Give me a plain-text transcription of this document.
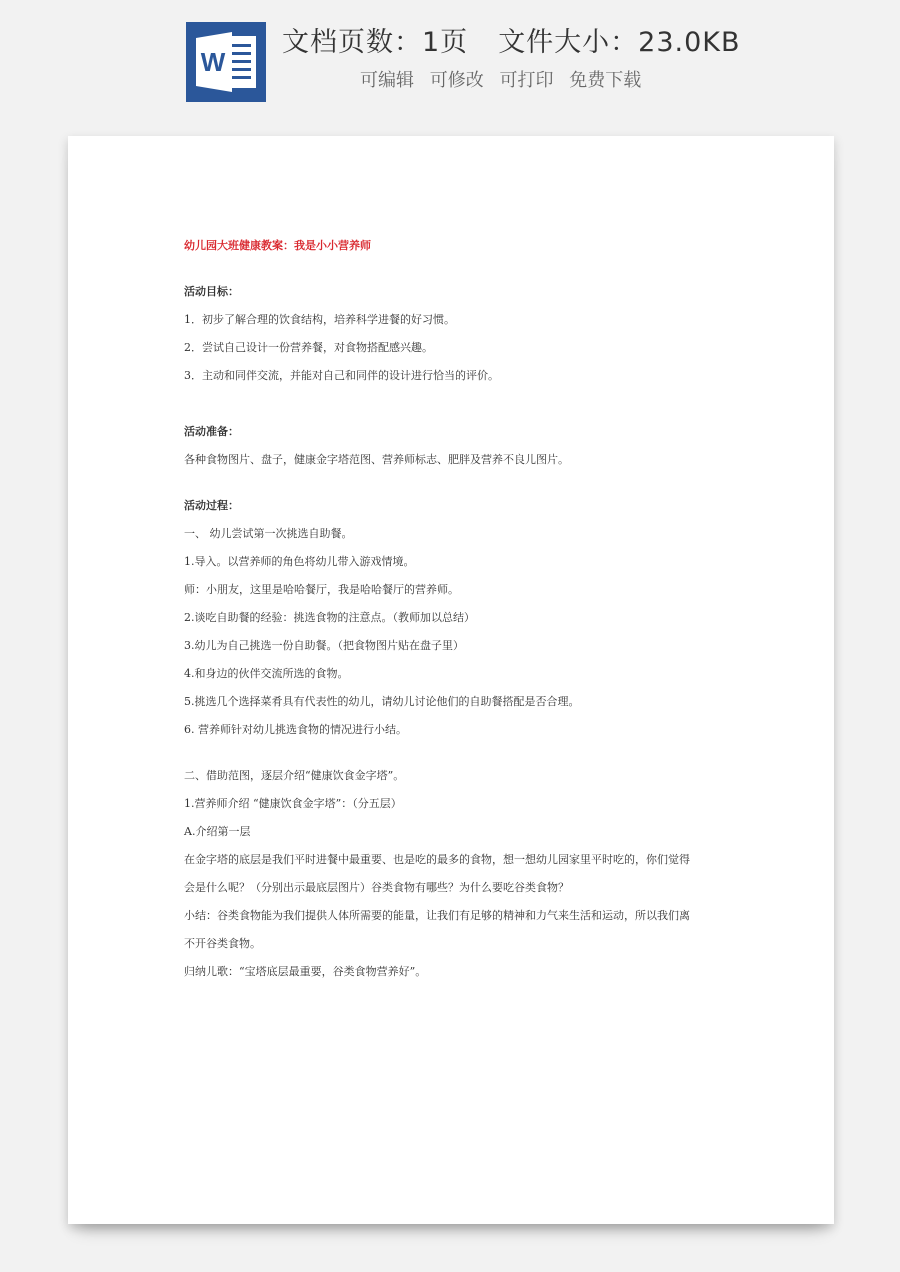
W
文档页数：1页 文件大小：23.0KB
可编辑 可修改 可打印 免费下载
幼儿园大班健康教案：我是小小营养师
活动目标：
1．初步了解合理的饮食结构，培养科学进餐的好习惯。
2．尝试自己设计一份营养餐，对食物搭配感兴趣。
3．主动和同伴交流，并能对自己和同伴的设计进行恰当的评价。
活动准备：
各种食物图片、盘子，健康金字塔范图、营养师标志、肥胖及营养不良儿图片。
活动过程：
一、 幼儿尝试第一次挑选自助餐。
1.导入。以营养师的角色将幼儿带入游戏情境。
师：小朋友，这里是哈哈餐厅，我是哈哈餐厅的营养师。
2.谈吃自助餐的经验：挑选食物的注意点。（教师加以总结）
3.幼儿为自己挑选一份自助餐。（把食物图片贴在盘子里）
4.和身边的伙伴交流所选的食物。
5.挑选几个选择菜肴具有代表性的幼儿，请幼儿讨论他们的自助餐搭配是否合理。
6. 营养师针对幼儿挑选食物的情况进行小结。
二、借助范图，逐层介绍“健康饮食金字塔”。
1.营养师介绍 “健康饮食金字塔”：（分五层）
A.介绍第一层
在金字塔的底层是我们平时进餐中最重要、也是吃的最多的食物，想一想幼儿园家里平时吃的，你们觉得
会是什么呢？（分别出示最底层图片）谷类食物有哪些？为什么要吃谷类食物？
小结：谷类食物能为我们提供人体所需要的能量，让我们有足够的精神和力气来生活和运动，所以我们离
不开谷类食物。
归纳儿歌：“宝塔底层最重要，谷类食物营养好”。
